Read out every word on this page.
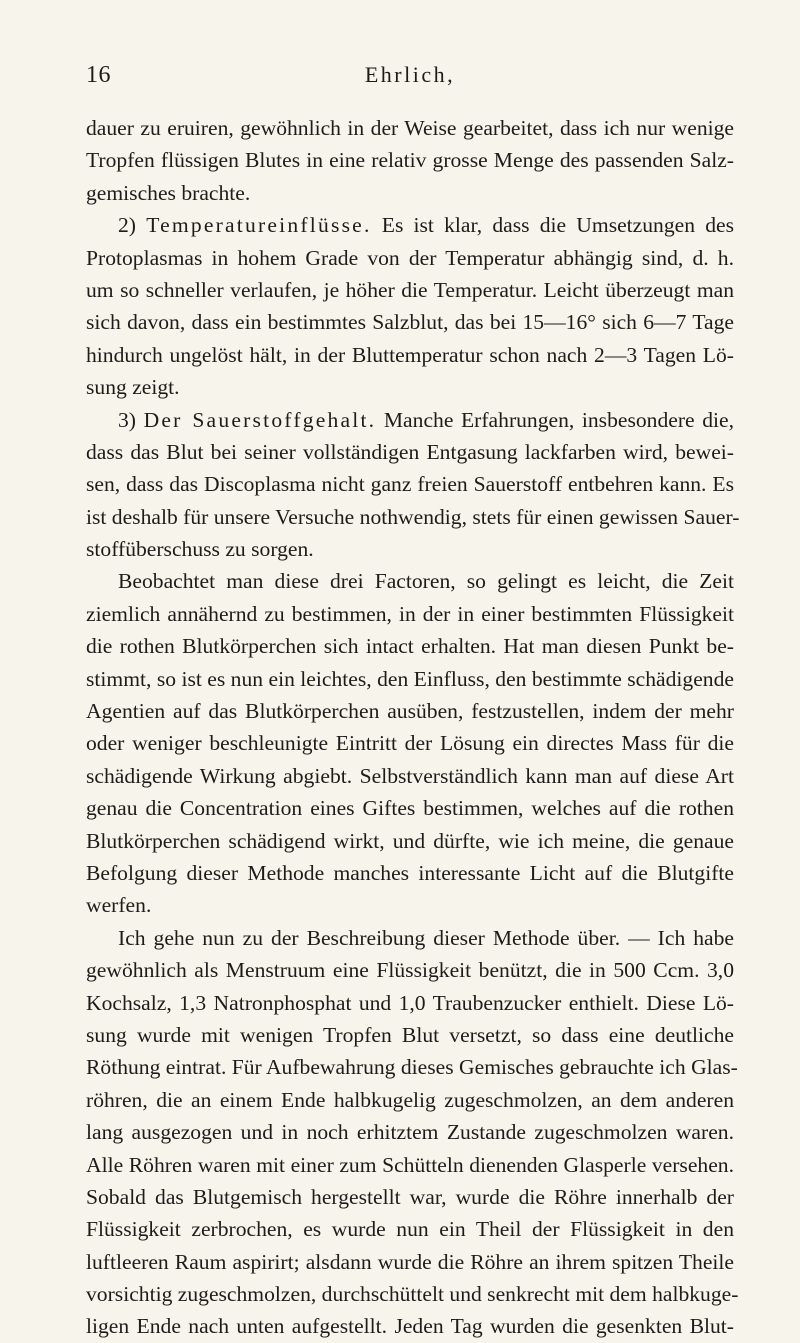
16	Ehrlich,
dauer zu eruiren, gewöhnlich in der Weise gearbeitet, dass ich nur wenige
Tropfen flüssigen Blutes in eine relativ grosse Menge des passenden Salz-
gemisches brachte.
2) Temperatureinflüsse. Es ist klar, dass die Umsetzungen des
Protoplasmas in hohem Grade von der Temperatur abhängig sind, d. h.
um so schneller verlaufen, je höher die Temperatur. Leicht überzeugt man
sich davon, dass ein bestimmtes Salzblut, das bei 15—16° sich 6—7 Tage
hindurch ungelöst hält, in der Bluttemperatur schon nach 2—3 Tagen Lö-
sung zeigt.
3) Der Sauerstoffgehalt. Manche Erfahrungen, insbesondere die,
dass das Blut bei seiner vollständigen Entgasung lackfarben wird, bewei-
sen, dass das Discoplasma nicht ganz freien Sauerstoff entbehren kann. Es
ist deshalb für unsere Versuche nothwendig, stets für einen gewissen Sauer-
stoffüberschuss zu sorgen.
Beobachtet man diese drei Factoren, so gelingt es leicht, die Zeit
ziemlich annähernd zu bestimmen, in der in einer bestimmten Flüssigkeit
die rothen Blutkörperchen sich intact erhalten. Hat man diesen Punkt be-
stimmt, so ist es nun ein leichtes, den Einfluss, den bestimmte schädigende
Agentien auf das Blutkörperchen ausüben, festzustellen, indem der mehr
oder weniger beschleunigte Eintritt der Lösung ein directes Mass für die
schädigende Wirkung abgiebt. Selbstverständlich kann man auf diese Art
genau die Concentration eines Giftes bestimmen, welches auf die rothen
Blutkörperchen schädigend wirkt, und dürfte, wie ich meine, die genaue
Befolgung dieser Methode manches interessante Licht auf die Blutgifte
werfen.
Ich gehe nun zu der Beschreibung dieser Methode über. — Ich habe
gewöhnlich als Menstruum eine Flüssigkeit benützt, die in 500 Ccm. 3,0
Kochsalz, 1,3 Natronphosphat und 1,0 Traubenzucker enthielt. Diese Lö-
sung wurde mit wenigen Tropfen Blut versetzt, so dass eine deutliche
Röthung eintrat. Für Aufbewahrung dieses Gemisches gebrauchte ich Glas-
röhren, die an einem Ende halbkugelig zugeschmolzen, an dem anderen
lang ausgezogen und in noch erhitztem Zustande zugeschmolzen waren.
Alle Röhren waren mit einer zum Schütteln dienenden Glasperle versehen.
Sobald das Blutgemisch hergestellt war, wurde die Röhre innerhalb der
Flüssigkeit zerbrochen, es wurde nun ein Theil der Flüssigkeit in den
luftleeren Raum aspirirt; alsdann wurde die Röhre an ihrem spitzen Theile
vorsichtig zugeschmolzen, durchschüttelt und senkrecht mit dem halbkuge-
ligen Ende nach unten aufgestellt. Jeden Tag wurden die gesenkten Blut-
